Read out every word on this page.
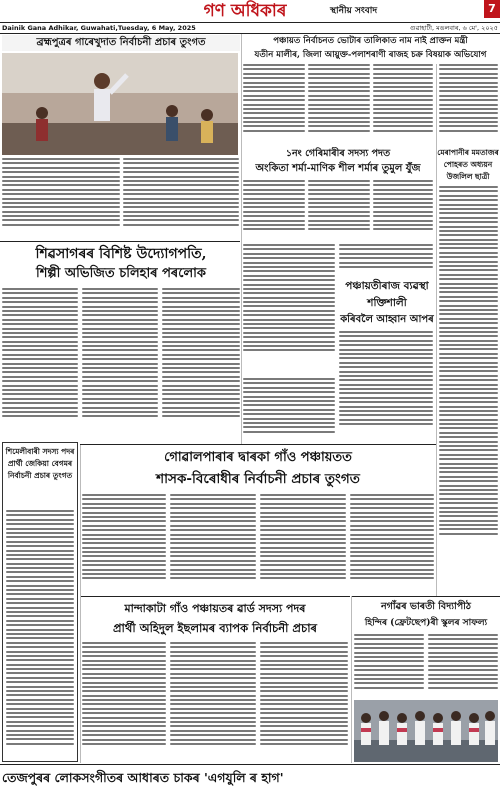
গণ অধিকাৰ	স্থানীয় সংবাদ	7
Dainik Gana Adhikar, Guwahati,Tuesday, 6 May, 2025	গুৱাহাটী, মঙলবাৰ, ৬ মে', ২০২৫
ব্ৰহ্মপুত্ৰৰ গাৰেখুদাত নিৰ্বাচনী প্ৰচাৰ তুংগত	পঞ্চায়ত নিৰ্বাচনত ভোটাৰ তালিকাত নাম নাই প্ৰাক্তন মন্ত্ৰী
যতীন মালীৰ, জিলা আয়ুক্ত-পলাশৰাণী ৰাজহ চক্ৰ বিষয়াক অভিযোগ
১নং গেৰিমাৰীৰ সদস্য পদত
অংকিতা শৰ্মা-মাণিক শীল শৰ্মাৰ তুমুল যুঁজ
মেৰাপানীৰ মমতাজৰ
পোহৰত অধ্যয়ন
উজলিল ছাত্ৰী
শিৱসাগৰৰ বিশিষ্ট উদ্যোগপতি,
শিল্পী অভিজিত চলিহাৰ পৰলোক
পঞ্চায়তীৰাজ ব্যৱস্থা শক্তিশালী
কৰিবলৈ আহ্বান আপৰ
শিমেলীবাৰী সদস্য পদৰ প্ৰাৰ্থী জেকিয়া বেগমৰ নিৰ্বাচনী প্ৰচাৰ তুংগত
গোৱালপাৰাৰ দ্বাৰকা গাঁও পঞ্চায়তত
শাসক-বিৰোধীৰ নিৰ্বাচনী প্ৰচাৰ তুংগত
মান্দাকাটা গাঁও পঞ্চায়তৰ ৱাৰ্ড সদস্য পদৰ
প্ৰাৰ্থী অহিদুল ইছলামৰ ব্যাপক নিৰ্বাচনী প্ৰচাৰ
নগাঁৱৰ ভাৰতী বিদ্যাপীঠ
হিন্দিৰ (ফ্ৰেটছেপ)ৰী স্কুলৰ সাফল্য
তেজপুৰৰ লোকসংগীতৰ আধাৰত চাকৰ 'এগযুলি ৰ হাগ'
